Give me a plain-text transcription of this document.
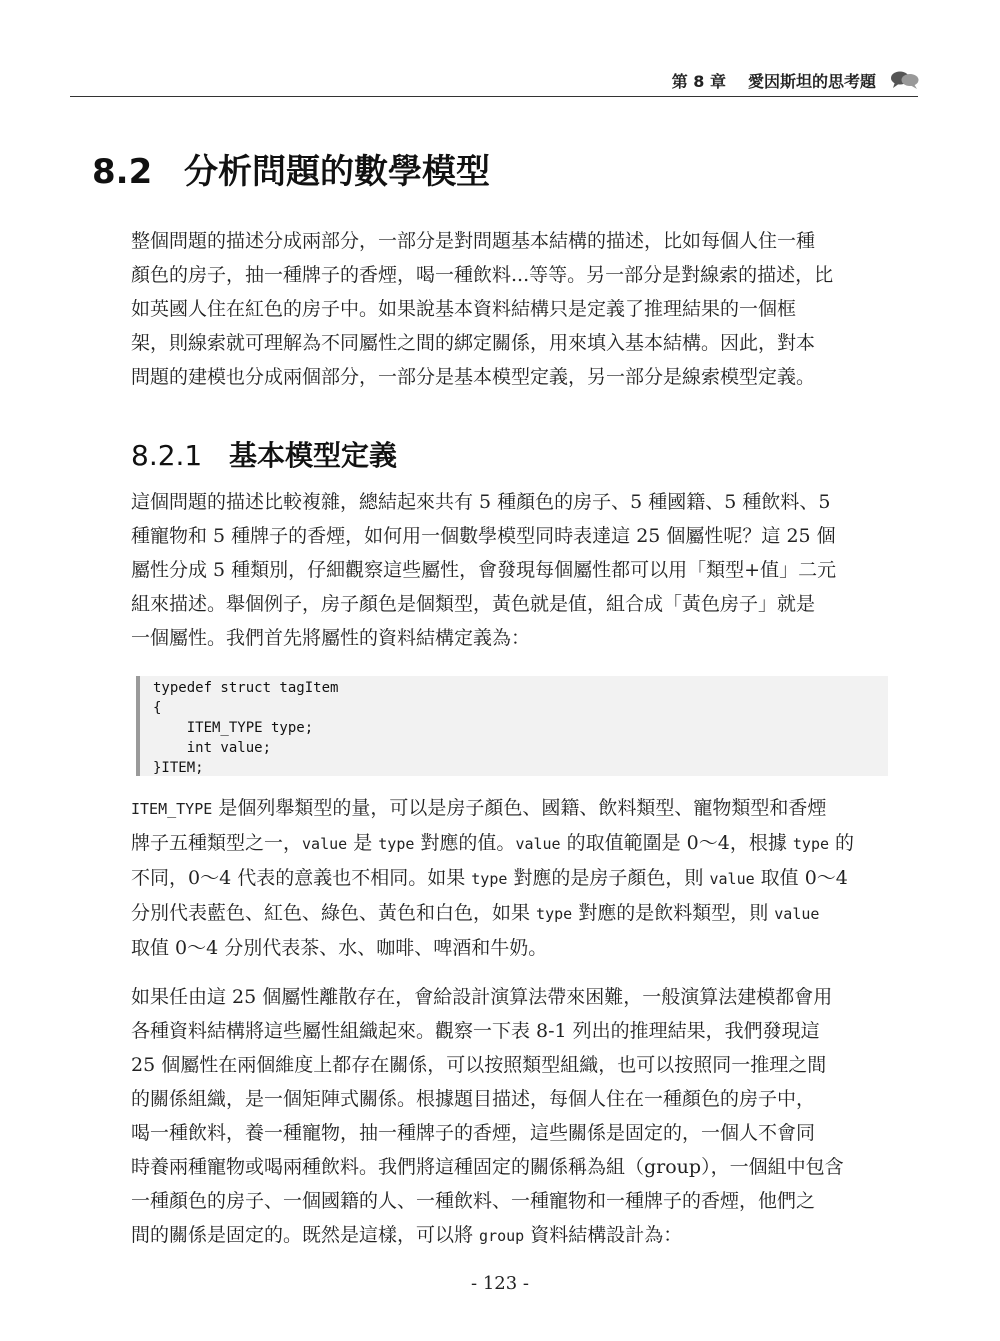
第 8 章 愛因斯坦的思考題
8.2 分析問題的數學模型
整個問題的描述分成兩部分，一部分是對問題基本結構的描述，比如每個人住一種
顏色的房子，抽一種牌子的香煙，喝一種飲料...等等。另一部分是對線索的描述，比
如英國人住在紅色的房子中。如果說基本資料結構只是定義了推理結果的一個框
架，則線索就可理解為不同屬性之間的綁定關係，用來填入基本結構。因此，對本
問題的建模也分成兩個部分，一部分是基本模型定義，另一部分是線索模型定義。
8.2.1 基本模型定義
這個問題的描述比較複雜，總結起來共有 5 種顏色的房子、5 種國籍、5 種飲料、5
種寵物和 5 種牌子的香煙，如何用一個數學模型同時表達這 25 個屬性呢？這 25 個
屬性分成 5 種類別，仔細觀察這些屬性，會發現每個屬性都可以用「類型+值」二元
組來描述。舉個例子，房子顏色是個類型，黃色就是值，組合成「黃色房子」就是
一個屬性。我們首先將屬性的資料結構定義為：
typedef struct tagItem
{
ITEM_TYPE type;
int value;
}ITEM;
ITEM_TYPE 是個列舉類型的量，可以是房子顏色、國籍、飲料類型、寵物類型和香煙
牌子五種類型之一，value 是 type 對應的值。value 的取值範圍是 0～4，根據 type 的
不同，0～4 代表的意義也不相同。如果 type 對應的是房子顏色，則 value 取值 0～4
分別代表藍色、紅色、綠色、黃色和白色，如果 type 對應的是飲料類型，則 value
取值 0～4 分別代表茶、水、咖啡、啤酒和牛奶。
如果任由這 25 個屬性離散存在，會給設計演算法帶來困難，一般演算法建模都會用
各種資料結構將這些屬性組織起來。觀察一下表 8-1 列出的推理結果，我們發現這
25 個屬性在兩個維度上都存在關係，可以按照類型組織，也可以按照同一推理之間
的關係組織，是一個矩陣式關係。根據題目描述，每個人住在一種顏色的房子中，
喝一種飲料，養一種寵物，抽一種牌子的香煙，這些關係是固定的，一個人不會同
時養兩種寵物或喝兩種飲料。我們將這種固定的關係稱為組（group），一個組中包含
一種顏色的房子、一個國籍的人、一種飲料、一種寵物和一種牌子的香煙，他們之
間的關係是固定的。既然是這樣，可以將 group 資料結構設計為：
- 123 -
